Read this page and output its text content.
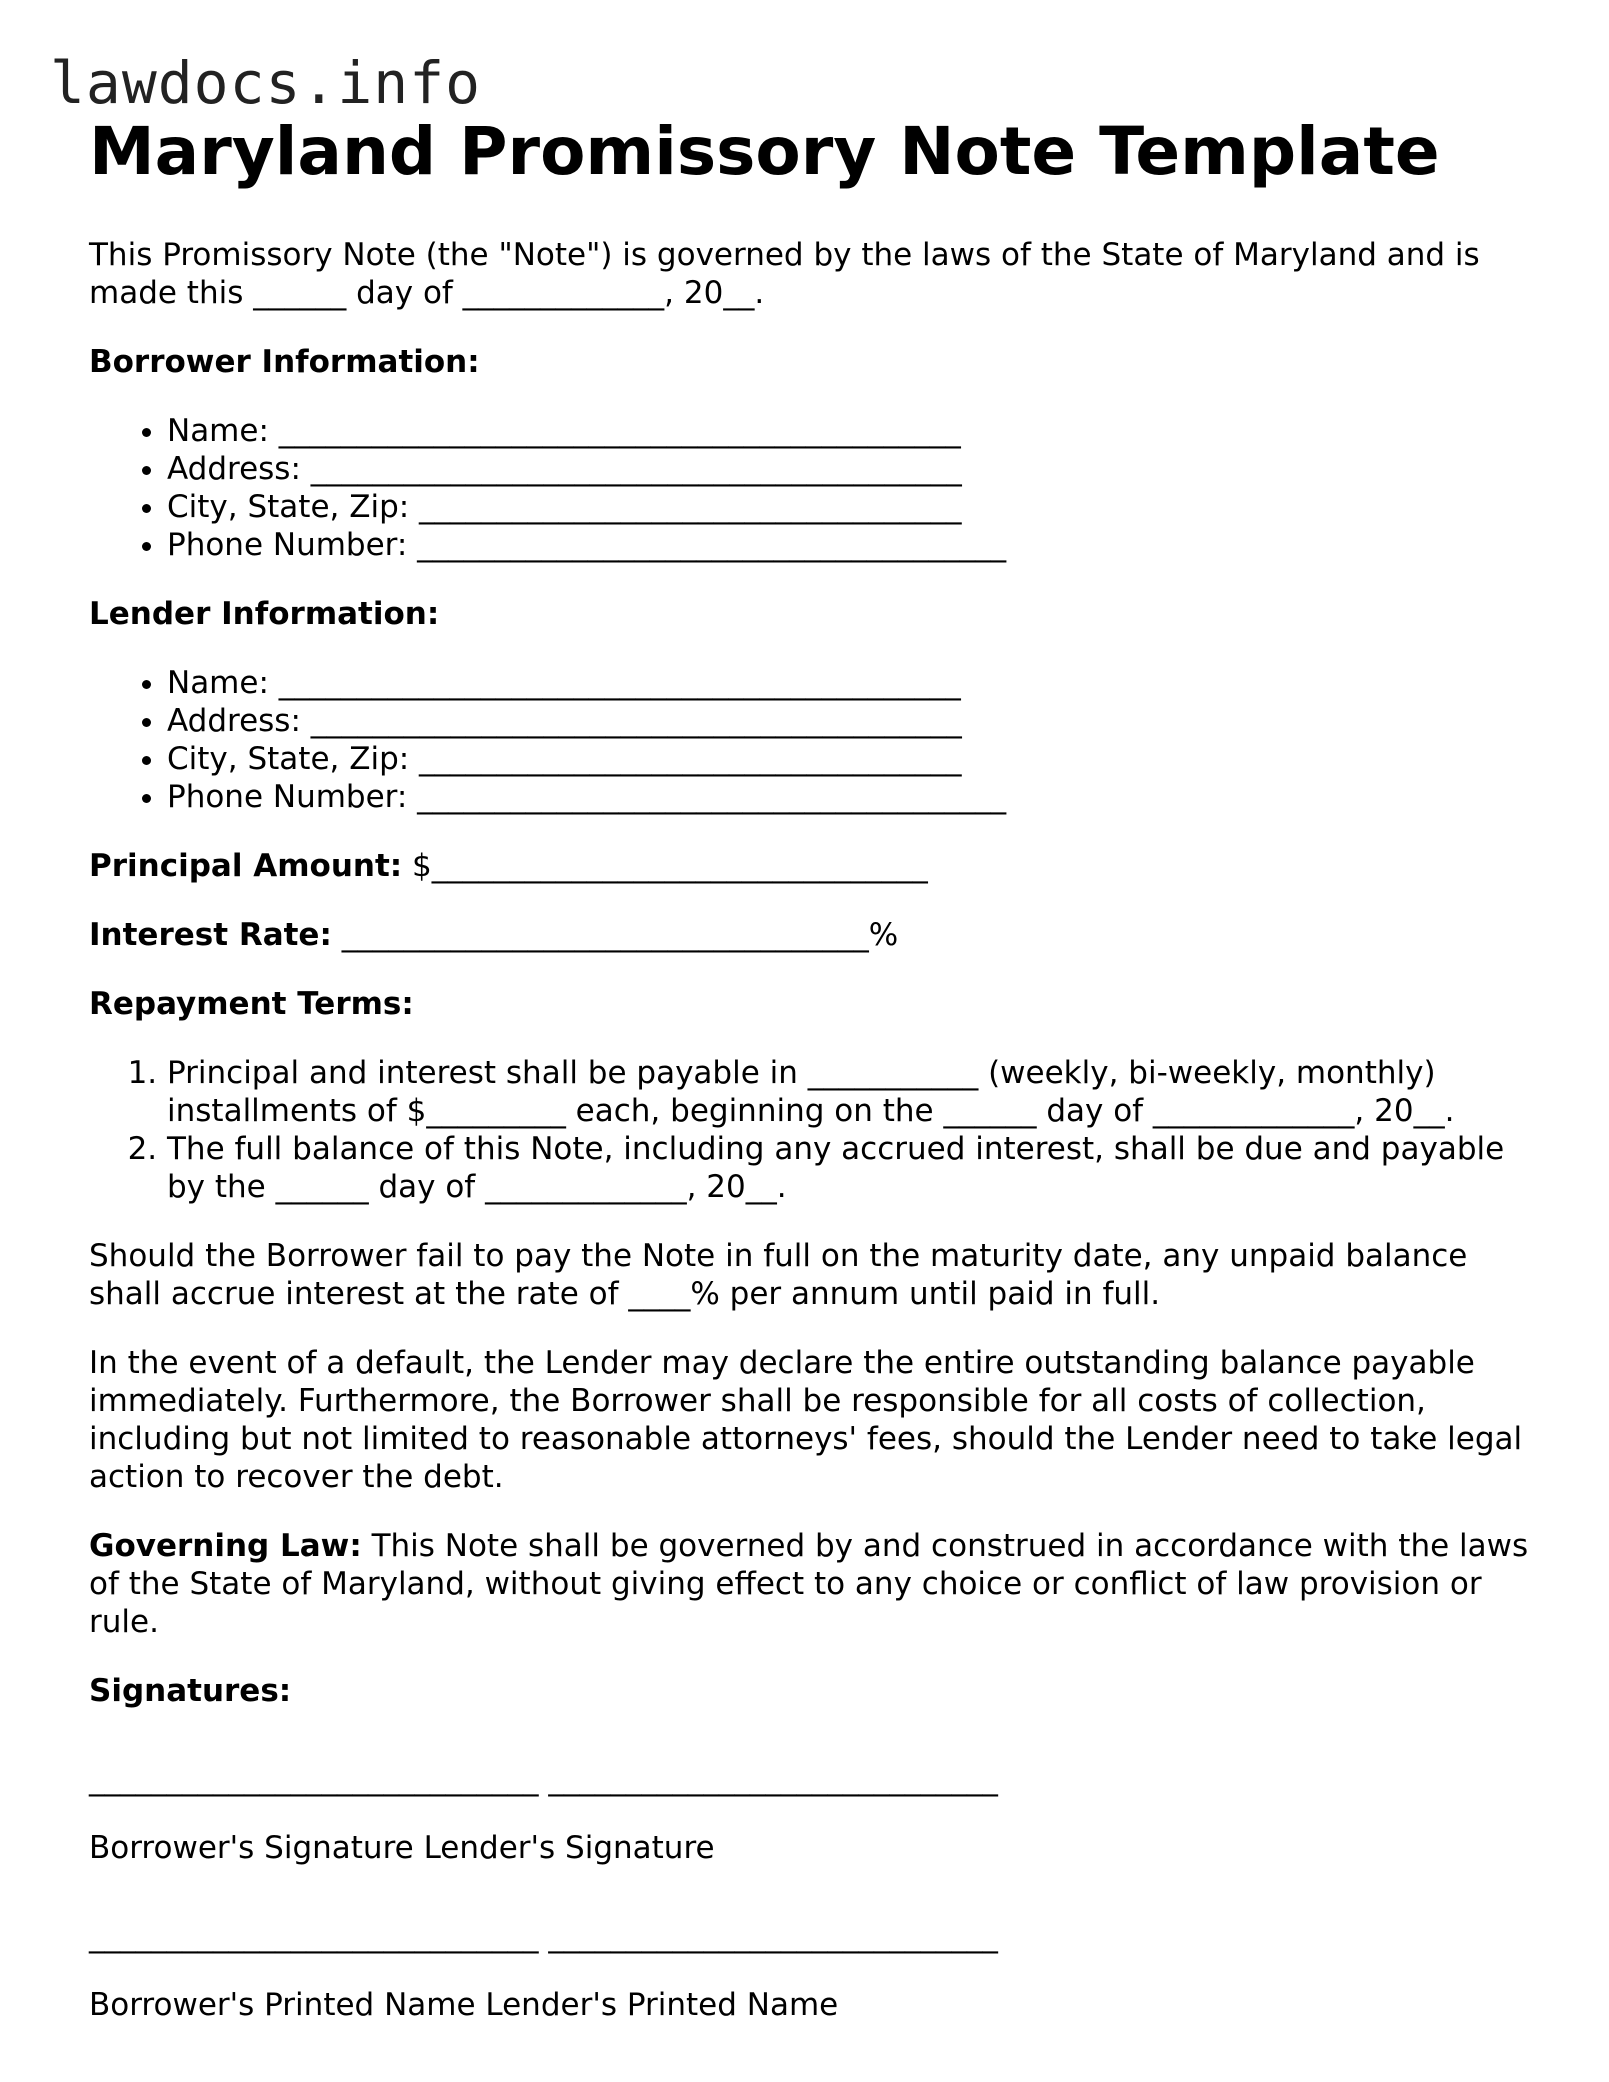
lawdocs.info
Maryland Promissory Note Template

This Promissory Note (the "Note") is governed by the laws of the State of Maryland and is made this ______ day of _____________, 20__.

Borrower Information:
• Name: ____________________________________________
• Address: __________________________________________
• City, State, Zip: ___________________________________
• Phone Number: ______________________________________
Lender Information:
• Name: ____________________________________________
• Address: __________________________________________
• City, State, Zip: ___________________________________
• Phone Number: ______________________________________

Principal Amount: $________________________________

Interest Rate: __________________________________%

Repayment Terms:
1. Principal and interest shall be payable in ___________ (weekly, bi-weekly, monthly) installments of $_________ each, beginning on the ______ day of _____________, 20__.
2. The full balance of this Note, including any accrued interest, shall be due and payable by the ______ day of _____________, 20__.

Should the Borrower fail to pay the Note in full on the maturity date, any unpaid balance shall accrue interest at the rate of ____% per annum until paid in full.

In the event of a default, the Lender may declare the entire outstanding balance payable immediately. Furthermore, the Borrower shall be responsible for all costs of collection, including but not limited to reasonable attorneys' fees, should the Lender need to take legal action to recover the debt.

Governing Law: This Note shall be governed by and construed in accordance with the laws of the State of Maryland, without giving effect to any choice or conflict of law provision or rule.

Signatures:
_____________________________ _____________________________
Borrower's Signature Lender's Signature
_____________________________ _____________________________
Borrower's Printed Name Lender's Printed Name
